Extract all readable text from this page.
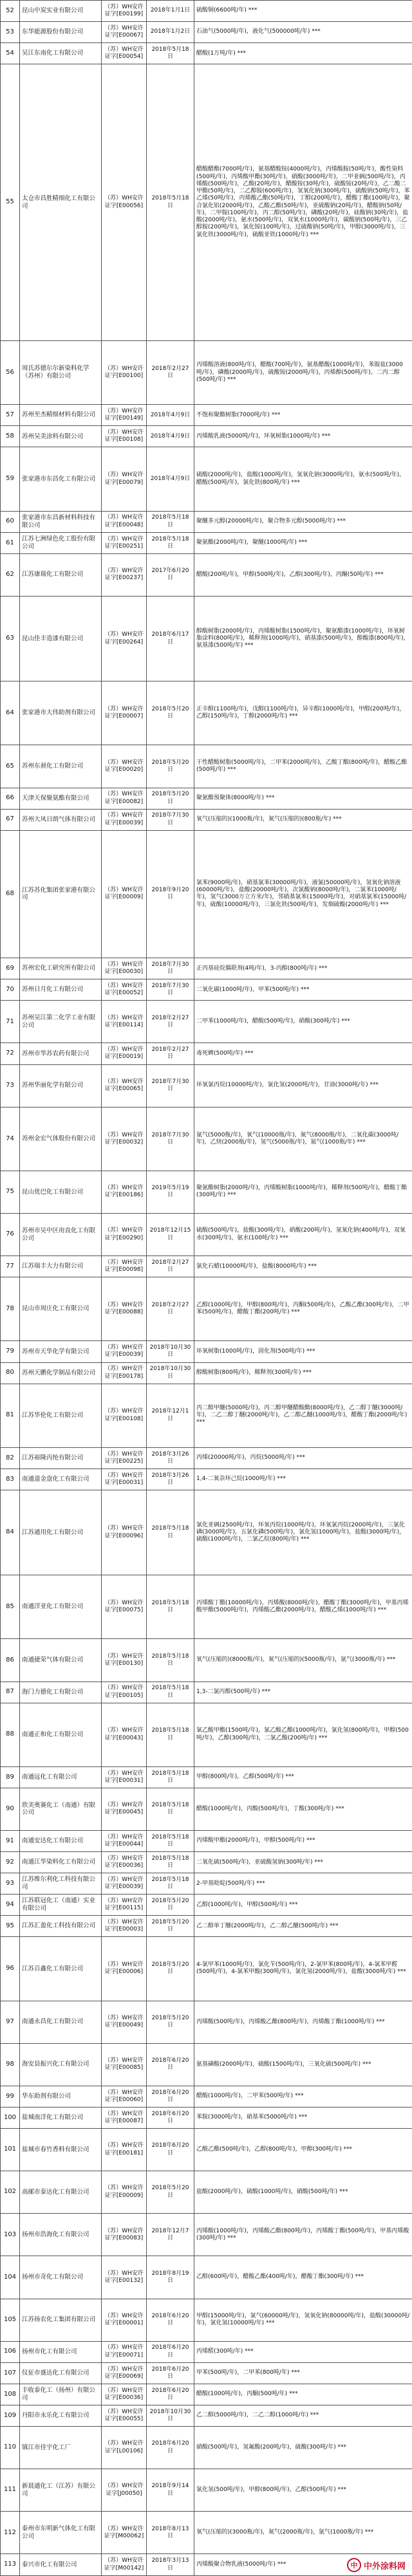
52	昆山中炭实业有限公司	（苏）WH安许证字[E00199]	2018年1月1日	硫酸铜(6600吨/年) ***
53	东华能源股份有限公司	（苏）WH安许证字[E00067]	2018年1月2日	石油气(5000吨/年)，液化气(500000吨/年) ***
54	吴江东南化工有限公司	（苏）WH安许证字[E00054]	2018年5月18日	醋酸(1万吨/年) ***
55	太仓市昌胜精细化工有限公司	（苏）WH安许证字[E00056]	2018年5月18日	醋酸醋酯(7000吨/年)，氨基醋酸铵(4000吨/年)，丙烯酸胺(50吨/年)，酸性染料(500吨/年)，丙烯酸甲酯(30吨/年)，硝酸(3000吨/年)，二甲亚砜(500吨/年)，丙烯酸(500吨/年)，乙酸(20吨/年)，醋酸铵(30吨/年)，硫酸铵(20吨/年)，乙二酸二甲酯(50吨/年)，二乙醇胺(600吨/年)，氢氧化钠(300吨/年)，硫酸钠(50吨/年)，苯乙烯(50吨/年)，丙烯酸乙酯(50吨/年)，丁醇(200吨/年)，醋酸丁酯(100吨/年)，聚合氯化铝(2000吨/年)，乙酸乙酯(50吨/年)，亚硫酸钠(20吨/年)，醋酸钠(50吨/年)，二甲胺(100吨/年)，丙二醇(50吨/年)，磷酸(20吨/年)，硅酸钠(30吨/年)，盐酸(2000吨/年)，氨水(500吨/年)，双氧水(1000吨/年)，碳酸钠(500吨/年)，三乙醇胺(200吨/年)，氯化铵(100吨/年)，过硫酸钠(50吨/年)，甲醇(3000吨/年)，三氯化铁(3000吨/年)，硫酸亚铁(1000吨/年) ***
56	周氏苏德尔尔新染料化学（苏州）有限公司	（苏）WH安许证字[E00100]	2018年2月27日	丙烯酸溶液(800吨/年)，醋酸(700吨/年)，氨基醋酸(1000吨/年)，苯胺盐(3000吨/年)，磷酸(2000吨/年)，硫酸铵(2000吨/年)，丙烯醇(500吨/年)，二丙二醇(500吨/年) ***
57	苏州至杰精细材料有限公司	（苏）WH安许证字[E00149]	2018年4月9日	不饱和聚酯树脂(7000吨/年) ***
58	苏州吴美涂料有限公司	（苏）WH安许证字[E00108]	2018年4月9日	丙烯酸乳液(5000吨/年)，环氧树脂(1000吨/年) ***
59	张家港市东昌化工有限公司	（苏）WH安许证字[E00079]	2018年4月9日	硫酸(2000吨/年)，盐酸(1000吨/年)，氢氧化钠(3000吨/年)，氨水(500吨/年)，醋酸(500吨/年)，氯化铁(800吨/年) ***
60	张家港市东昌新材料科技有限公司	（苏）WH安许证字[E00048]	2018年5月18日	聚醚多元醇(20000吨/年)，聚合物多元醇(5000吨/年) ***
61	江苏七洲绿色化工股份有限公司	（苏）WH安许证字[E00251]	2018年5月18日	聚氨酯(2000吨/年)，聚醚(1000吨/年) ***
62	江苏康瑞化工有限公司	（苏）WH安许证字[E00237]	2017年6月20日	醋酸(200吨/年)，甲醇(500吨/年)，乙醇(300吨/年)，丙酮(50吨/年) ***
63	昆山佳丰造漆有限公司	（苏）WH安许证字[E00264]	2018年6月17日	醇酸树脂(2000吨/年)，丙烯酸树脂(1500吨/年)，聚氨酯漆(1000吨/年)，环氧树脂涂料(800吨/年)，稀释剂(1000吨/年)，硝基漆(500吨/年)，醇酸漆(800吨/年)，氨基漆(500吨/年) ***
64	张家港市大伟助剂有限公司	（苏）WH安许证字[E00007]	2018年5月20日	正辛醇(1100吨/年)，戊醇(1100吨/年)，异辛醇(1000吨/年)，甲醇(200吨/年)，乙醇(150吨/年)，丁醇(2000吨/年) ***
65	苏州东昶化工有限公司	（苏）WH安许证字[E00020]	2018年5月20日	干性醋酸树脂(5000吨/年)，二甲苯(2000吨/年)，乙酸丁酯(800吨/年)，醋酸乙酯(500吨/年) ***
66	天津天保聚氨酯有限公司	（苏）WH安许证字[E00082]	2018年5月20日	聚氨酯预聚体(8000吨/年) ***
67	苏州大凤日朗气体有限公司	（苏）WH安许证字[E00039]	2018年7月30日	氧气(压缩的)(1000瓶/年)，氮气(压缩的)(800瓶/年) ***
68	江苏苏化集团张家港有限公司	（苏）WH安许证字[E00009]	2018年9月20日	氯苯(9000吨/年)，硝基氯苯(30000吨/年)，液氯(50000吨/年)，氢氧化钠溶液(60000吨/年)，盐酸(20000吨/年)，次氯酸钠(8000吨/年)，二氯苯(1000吨/年)，氢气(3000万立方米/年)，邻硝基氯苯(15000吨/年)，对硝基氯苯(15000吨/年)，硫酸(10000吨/年)，三氯化铁(500吨/年)，发烟硫酸(2000吨/年) ***
69	苏州宏化工研究所有限公司	（苏）WH安许证字[E00030]	2018年7月30日	正丙基硅烷偶联剂(4吨/年)，3-丙醇(800吨/年) ***
70	苏州日月化工有限公司	（苏）WH安许证字[E00052]	2018年7月30日	二氧化碳(1000吨/年)，甲苯(500吨/年) ***
71	苏州吴江第二化学工业有限公司	（苏）WH安许证字[E00114]	2018年2月27日	二甲苯(1000吨/年)，醋酸(500吨/年)，硝酸(300吨/年) ***
72	苏州市华苏农药有限公司	（苏）WH安许证字[E00019]	2018年2月27日	毒死蜱(500吨/年) ***
73	苏州华丽化学有限公司	（苏）WH安许证字[E00065]	2018年7月30日	环氧氯丙烷(10000吨/年)，氯化氢(2000吨/年)，甘油(3000吨/年) ***
74	苏州金宏气体股份有限公司	（苏）WH安许证字[E00032]	2018年7月30日	氩气(5000瓶/年)，氧气(10000瓶/年)，氮气(8000瓶/年)，二氧化碳(3000吨/年)，乙炔(2000瓶/年)，氢气(5000瓶/年)，氦气(1000瓶/年) ***
75	昆山优巴化工有限公司	（苏）WH安许证字[E00186]	2019年5月19日	聚氨酯树脂(2000吨/年)，丙烯酸树脂(1000吨/年)，稀释剂(500吨/年)，醋酸丁酯(300吨/年) ***
76	苏州市吴中区甪直化工有限公司	（苏）WH安许证字[E00290]	2018年12月15日	硫酸(500吨/年)，盐酸(300吨/年)，硝酸(200吨/年)，氢氧化钠(400吨/年)，双氧水(300吨/年)，氨水(100吨/年) ***
77	江苏瑞丰大力有限公司	（苏）WH安许证字[E00098]	2018年2月27日	氯化石蜡(10000吨/年)，盐酸(8000吨/年) ***
78	昆山市周庄化工有限公司	（苏）WH安许证字[E00088]	2018年2月27日	乙醇(1000吨/年)，甲醇(800吨/年)，丙酮(500吨/年)，乙酸乙酯(300吨/年)，二甲苯(500吨/年)，醋酸丁酯(200吨/年) ***
79	苏州市天华化学有限公司	（苏）WH安许证字[E00039]	2018年10月30日	环氧树脂(1000吨/年)，固化剂(500吨/年) ***
80	苏州天鹏化学制品有限公司	（苏）WH安许证字[E00178]	2018年10月30日	醇酸树脂(800吨/年)，稀释剂(300吨/年) ***
81	江苏华伦化工有限公司	（苏）WH安许证字[E00108]	2018年12月1日	丙二醇甲醚(5000吨/年)，丙二醇甲醚醋酸酯(8000吨/年)，乙二醇丁醚(3000吨/年)，二乙二醇丁醚(2000吨/年)，乙二醇乙醚(1000吨/年)，醋酸丁酯(2000吨/年) ***
82	江苏裕隆丙纶有限公司	（苏）WH安许证字[E00225]	2018年3月26日	丙烯(20000吨/年)，丙烷(5000吨/年) ***
83	南通道金盘化工有限公司	（苏）WH安许证字[E00031]	2018年3月26日	1,4-二氧杂环己烷(1000吨/年) ***
84	江苏通用化工有限公司	（苏）WH安许证字[E00096]	2018年5月18日	氯化亚砜(2500吨/年)，环氧丙烷(1000吨/年)，环氧氯丙烷(2000吨/年)，三氯化磷(3000吨/年)，五氯化磷(500吨/年)，氯化氢(1000吨/年)，盐酸(3000吨/年)，硫酸(1000吨/年)，二氯乙烷(800吨/年) ***
85	南通洋亚化工有限公司	（苏）WH安许证字[E00075]	2018年5月18日	丙烯酸丁酯(10000吨/年)，丙烯酸(8000吨/年)，醋酸丁酯(3000吨/年)，甲基丙烯酸甲酯(5000吨/年)，丙烯酸乙酯(2000吨/年)，醋酸乙烯(1000吨/年) ***
86	南通捷荣气体有限公司	（苏）WH安许证字[E00130]	2018年5月18日	氧气(压缩的)(8000瓶/年)，氮气(压缩的)(5000瓶/年)，氩气(3000瓶/年) ***
87	海门力德化工有限公司	（苏）WH安许证字[E00105]	2018年5月18日	1,3-二氯丙醇(500吨/年) ***
88	南通正和化工有限公司	（苏）WH安许证字[E00043]	2018年5月18日	氯乙酸甲酯(1500吨/年)，氯乙酸乙酯(1000吨/年)，氯化氢(800吨/年)，甲醇(500吨/年)，乙醇(300吨/年)，二氯乙酸(200吨/年) ***
89	南通远化工有限公司	（苏）WH安许证字[E00031]	2018年5月18日	甲醇(800吨/年)，乙醇(500吨/年) ***
90	欣美奥赛化工（南通）有限公司	（苏）WH安许证字[E00045]	2018年5月18日	醋酸(1000吨/年)，丙酸(500吨/年)，丁酸(300吨/年) ***
91	南通安达化工有限公司	（苏）WH安许证字[E00044]	2018年5月18日	丙烯酸甲酯(2000吨/年)，甲醇(500吨/年) ***
92	南通江华染料化工有限公司	（苏）WH安许证字[E00036]	2018年5月18日	二氧化硫(500吨/年)，亚硫酸氢钠(300吨/年) ***
93	江苏维尔利化工科技有限公司	（苏）WH安许证字[E00039]	2018年5月18日	2-甲基吡啶(500吨/年) ***
94	江苏联冠化工（南通）实业有限公司	（苏）WH安许证字[E00115]	2018年5月20日	乙醇(1000吨/年)，甲醇(500吨/年) ***
95	江苏汇盈化工科技有限公司	（苏）WH安许证字[E00003]	2018年5月20日	乙二醇单丁醚(2000吨/年)，乙二醇乙醚(500吨/年) ***
96	江苏百鑫化工有限公司	（苏）WH安许证字[E00006]	2018年5月20日	4-氯甲苯(1000吨/年)，氯化苄(500吨/年)，2-氯甲苯(800吨/年)，4-氯苯甲醛(500吨/年)，4-氯苯甲酸(300吨/年)，氯化氢(2000吨/年)，盐酸(3000吨/年) ***
97	南通永昌化工有限公司	（苏）WH安许证字[E00049]	2018年5月20日	丙烯酸(500吨/年)，丙烯酸乙酯(800吨/年)，丙烯酸丁酯(1000吨/年) ***
98	海安县振兴化工有限公司	（苏）WH安许证字[E00085]	2018年6月20日	氨基磺酸(2000吨/年)，硫酸(1500吨/年)，三氧化硫(500吨/年) ***
99	华东助剂有限公司	（苏）WH安许证字[E00060]	2018年6月20日	醋酸(1000吨/年)，二甲苯(500吨/年) ***
100	盐城南洋化工有限公司	（苏）WH安许证字[E00087]	2018年6月20日	苯胺(3000吨/年)，硝基苯(5000吨/年) ***
101	盐城市春竹香料有限公司	（苏）WH安许证字[E00181]	2018年6月20日	乙酸乙酯(500吨/年)，乙醇(800吨/年)，甲醇(300吨/年) ***
102	高邮市泰达化工有限公司	（苏）WH安许证字[E00009]	2018年5月20日	盐酸(2000吨/年)，硫酸(1000吨/年)，硝酸(500吨/年) ***
103	扬州市浩海化工有限公司	（苏）WH安许证字[E00083]	2018年12月7日	丙烯酸(1000吨/年)，丙烯酸乙酯(800吨/年)，丙烯酸丁酯(500吨/年)，甲基丙烯酸(300吨/年) ***
104	扬州市奇化工有限公司	（苏）WH安许证字[E00132]	2018年8月19日	乙醇(600吨/年)，醋酸乙酯(400吨/年)，醋酸丁酯(300吨/年) ***
105	江苏扬农化工集团有限公司	（苏）WH安许证字[E00001]	2018年6月20日	甲醇(15000吨/年)，氯气(60000吨/年)，氢氧化钠(80000吨/年)，盐酸(30000吨/年)，氯化氢(10000吨/年) ***
106	扬州市化工有限公司	（苏）WH安许证字[E00071]	2018年6月20日	丙烯醛(300吨/年) ***
107	仪征市盛达化工有限公司	（苏）WH安许证字[E00069]	2018年6月20日	甲苯(500吨/年)，二甲苯(800吨/年) ***
108	丰收泰化工（扬州）有限公司	（苏）WH安许证字[E00036]	2018年6月20日	醋酸(1000吨/年)，丙酮(500吨/年) ***
109	丹阳市永乐化工有限公司	（苏）WH安许证字[E00055]	2018年10月30日	乙二醇(5000吨/年)，二乙二醇(1000吨/年) ***
110	镇江市佳宇化工厂	（苏）WH安许证字[L00106]	2018年6月20日	硝酸(500吨/年)，氢氟酸(200吨/年)，硫酸(300吨/年) ***
111	新晨通化工（江苏）有限公司	（苏）WH安许证字[J00050]	2018年9月14日	氯化氢(500吨/年)，甲醇(800吨/年)，乙醇(500吨/年) ***
112	泰州市东明新气体化工有限公司	（苏）WH安许证字[M00062]	2018年8月13日	氧气(压缩的)(3000瓶/年)，氮气(2000瓶/年)，氩气(1000瓶/年) ***
113	泰兴市化工有限公司	（苏）WH安许证字[M00142]	2018年3月13日	丙烯酸聚合物乳液(5000吨/年) ***	中 中外涂料网
